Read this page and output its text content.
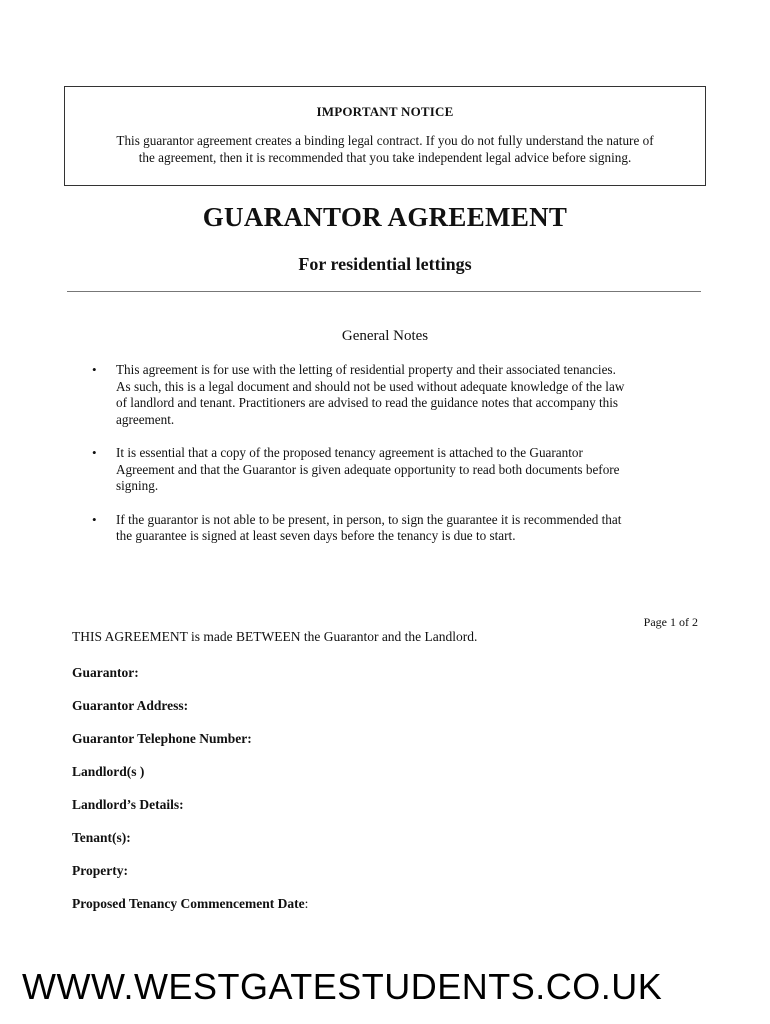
IMPORTANT NOTICE
This guarantor agreement creates a binding legal contract. If you do not fully understand the nature of
the agreement, then it is recommended that you take independent legal advice before signing.
GUARANTOR AGREEMENT
For residential lettings
General Notes
• This agreement is for use with the letting of residential property and their associated tenancies.
As such, this is a legal document and should not be used without adequate knowledge of the law
of landlord and tenant. Practitioners are advised to read the guidance notes that accompany this
agreement.
• It is essential that a copy of the proposed tenancy agreement is attached to the Guarantor
Agreement and that the Guarantor is given adequate opportunity to read both documents before
signing.
• If the guarantor is not able to be present, in person, to sign the guarantee it is recommended that
the guarantee is signed at least seven days before the tenancy is due to start.
Page 1 of 2
THIS AGREEMENT is made BETWEEN the Guarantor and the Landlord.
Guarantor:
Guarantor Address:
Guarantor Telephone Number:
Landlord(s )
Landlord’s Details:
Tenant(s):
Property:
Proposed Tenancy Commencement Date:
WWW.WESTGATESTUDENTS.CO.UK
